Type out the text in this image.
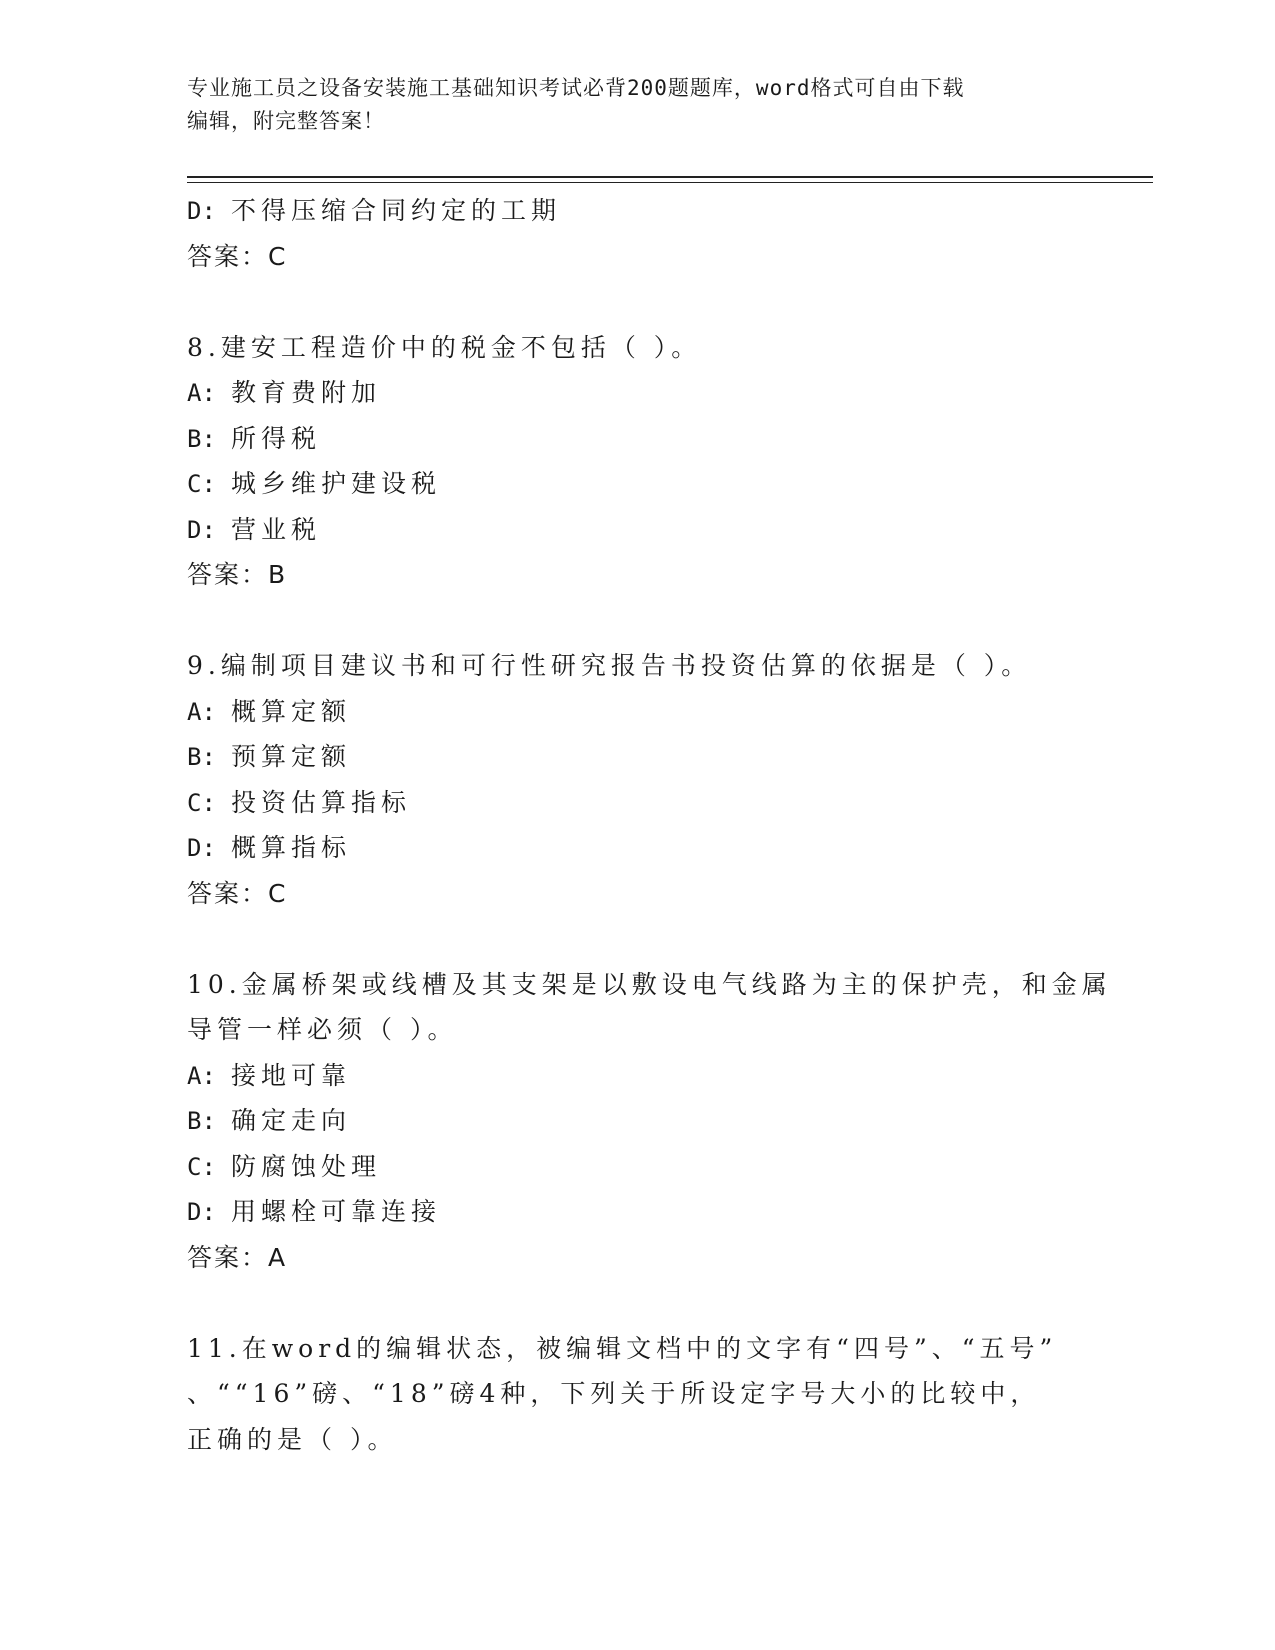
专业施工员之设备安装施工基础知识考试必背200题题库，word格式可自由下载
编辑，附完整答案！
D: 不得压缩合同约定的工期
答案：C
8.建安工程造价中的税金不包括（ ）。
A: 教育费附加
B: 所得税
C: 城乡维护建设税
D: 营业税
答案：B
9.编制项目建议书和可行性研究报告书投资估算的依据是（ ）。
A: 概算定额
B: 预算定额
C: 投资估算指标
D: 概算指标
答案：C
10.金属桥架或线槽及其支架是以敷设电气线路为主的保护壳，和金属
导管一样必须（ ）。
A: 接地可靠
B: 确定走向
C: 防腐蚀处理
D: 用螺栓可靠连接
答案：A
11.在word的编辑状态，被编辑文档中的文字有“四号”、“五号”
、““16”磅、“18”磅4种，下列关于所设定字号大小的比较中，
正确的是（ ）。
